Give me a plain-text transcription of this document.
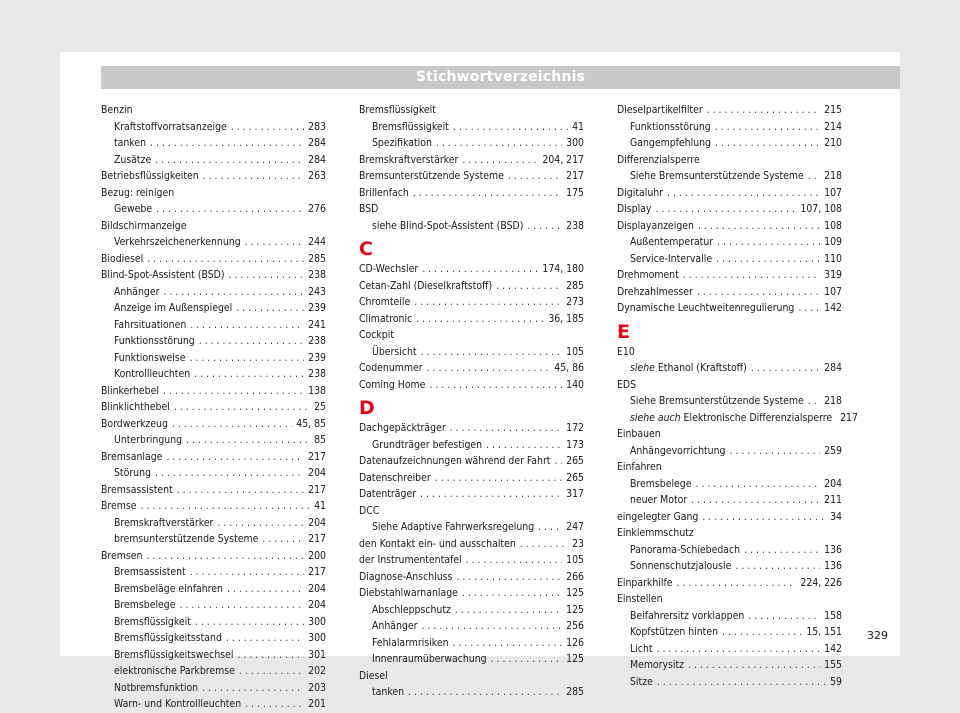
Stichwortverzeichnis
Benzin
Kraftstoffvorratsanzeige . . .	283
tanken . . .	284
Zusätze . . .	284
Betriebsflüssigkeiten . . .	263
Bezug: reinigen
Gewebe . . .	276
Bildschirmanzeige
Verkehrszeichenerkennung . . .	244
Biodiesel . . .	285
Blind-Spot-Assistent (BSD) . . .	238
Anhänger . . .	243
Anzeige im Außenspiegel . . .	239
Fahrsituationen . . .	241
Funktionsstörung . . .	238
Funktionsweise . . .	239
Kontrollleuchten . . .	238
Blinkerhebel . . .	138
Blinklichthebel . . .	25
Bordwerkzeug . . .	45, 85
Unterbringung . . .	85
Bremsanlage . . .	217
Störung . . .	204
Bremsassistent . . .	217
Bremse . . .	41
Bremskraftverstärker . . .	204
bremsunterstützende Systeme . . .	217
Bremsen . . .	200
Bremsassistent . . .	217
Bremsbeläge einfahren . . .	204
Bremsbelege . . .	204
Bremsflüssigkeit . . .	300
Bremsflüssigkeitsstand . . .	300
Bremsflüssigkeitswechsel . . .	301
elektronische Parkbremse . . .	202
Notbremsfunktion . . .	203
Warn- und Kontrollleuchten . . .	201
Bremsflüssigkeit
Bremsflüssigkeit . . .	41
Spezifikation . . .	300
Bremskraftverstärker . . .	204, 217
Bremsunterstützende Systeme . . .	217
Brillenfach . . .	175
BSD
siehe Blind-Spot-Assistent (BSD) . . .	238
C
CD-Wechsler . . .	174, 180
Cetan-Zahl (Dieselkraftstoff) . . .	285
Chromteile . . .	273
Climatronic . . .	36, 185
Cockpit
Übersicht . . .	105
Codenummer . . .	45, 86
Coming Home . . .	140
D
Dachgepäckträger . . .	172
Grundträger befestigen . . .	173
Datenaufzeichnungen während der Fahrt . . . 265
Datenschreiber . . .	265
Datenträger . . .	317
DCC
Siehe Adaptive Fahrwerksregelung . . .	247
den Kontakt ein- und ausschalten . . .	23
der Instrumententafel . . .	105
Diagnose-Anschluss . . .	266
Diebstahlwarnanlage . . .	125
Abschleppschutz . . .	125
Anhänger . . .	256
Fehlalarmrisiken . . .	126
Innenraumüberwachung . . .	125
Diesel
tanken . . .	285
Dieselpartikelfilter . . .	215
Funktionsstörung . . .	214
Gangempfehlung . . .	210
Differenzialsperre
Siehe Bremsunterstützende Systeme . . . 218
Digitaluhr . . .	107
Display . . .	107, 108
Displayanzeigen . . .	108
Außentemperatur . . .	109
Service-Intervalle . . .	110
Drehmoment . . .	319
Drehzahlmesser . . .	107
Dynamische Leuchtweitenregulierung . . .	142
E
E10
siehe Ethanol (Kraftstoff) . . .	284
EDS
Siehe Bremsunterstützende Systeme . . . 218
siehe auch Elektronische Differenzialsperre 217
Einbauen
Anhängevorrichtung . . .	259
Einfahren
Bremsbelege . . .	204
neuer Motor . . .	211
eingelegter Gang . . .	34
Einklemmschutz
Panorama-Schiebedach . . .	136
Sonnenschutzjalousie . . .	136
Einparkhilfe . . .	224, 226
Einstellen
Beifahrersitz vorklappen . . .	158
Kopfstützen hinten . . .	15, 151
Licht . . .	142
Memorysitz . . .	155
Sitze . . .	59
329
